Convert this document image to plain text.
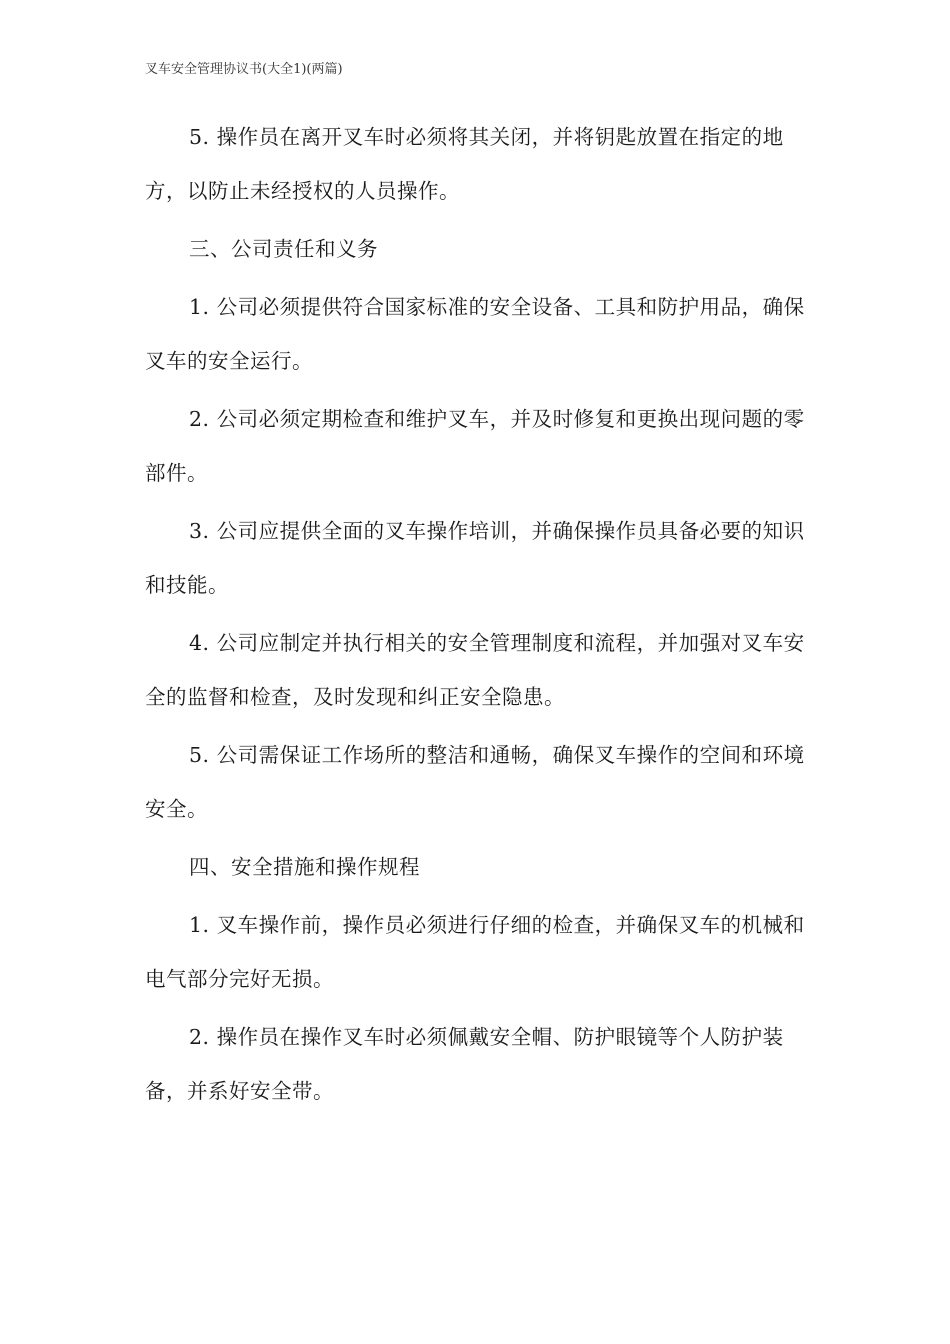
叉车安全管理协议书(大全1)(两篇)

5. 操作员在离开叉车时必须将其关闭，并将钥匙放置在指定的地方，以防止未经授权的人员操作。

三、公司责任和义务

1. 公司必须提供符合国家标准的安全设备、工具和防护用品，确保叉车的安全运行。

2. 公司必须定期检查和维护叉车，并及时修复和更换出现问题的零部件。

3. 公司应提供全面的叉车操作培训，并确保操作员具备必要的知识和技能。

4. 公司应制定并执行相关的安全管理制度和流程，并加强对叉车安全的监督和检查，及时发现和纠正安全隐患。

5. 公司需保证工作场所的整洁和通畅，确保叉车操作的空间和环境安全。

四、安全措施和操作规程

1. 叉车操作前，操作员必须进行仔细的检查，并确保叉车的机械和电气部分完好无损。

2. 操作员在操作叉车时必须佩戴安全帽、防护眼镜等个人防护装备，并系好安全带。
